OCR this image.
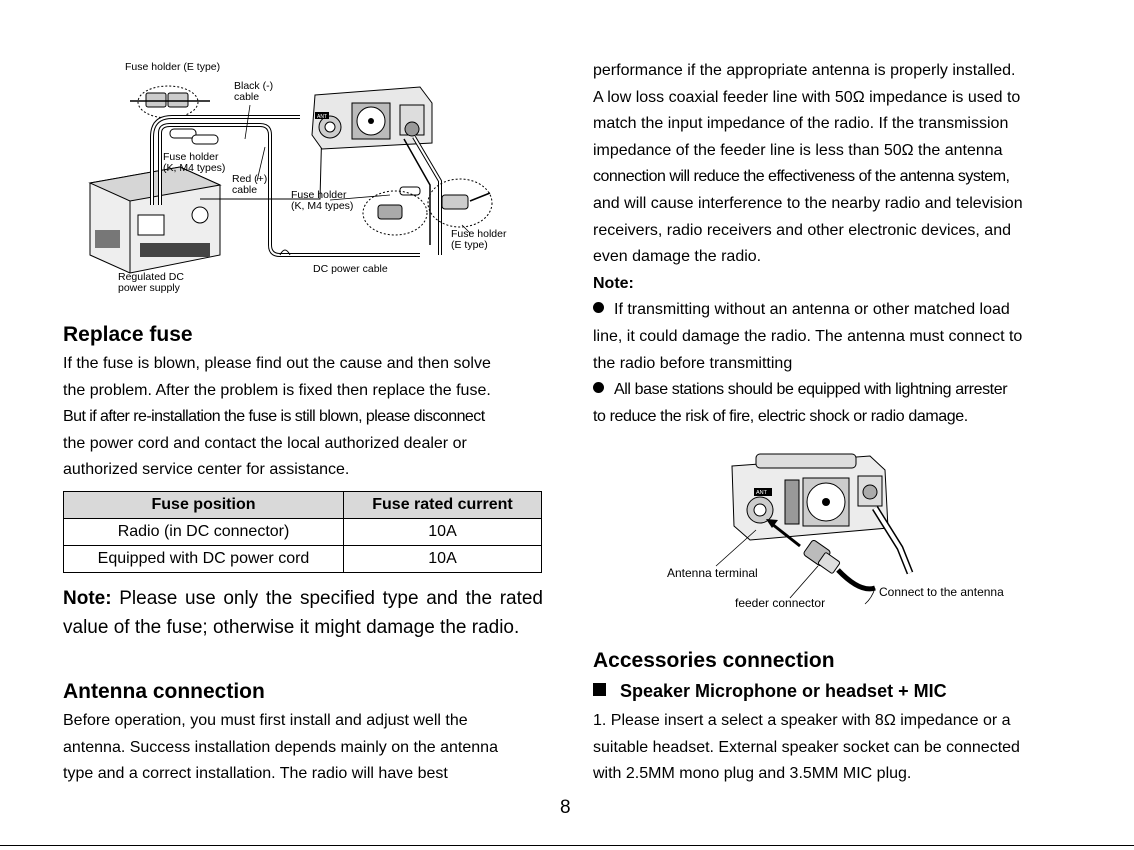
ANT
Fuse holder (E type)
Black (-)
cable
Fuse holder
(K, M4 types)
Red (+)
cable	Fuse holder
(K, M4 types)
Fuse holder
(E type)
Regulated DC
power supply
DC power cable
Replace fuse
If the fuse is blown, please find out the cause and then solve
the problem. After the problem is fixed then replace the fuse.
But if after re-installation the fuse is still blown, please disconnect
the power cord and contact the local authorized dealer or
authorized service center for assistance.
Fuse position	Fuse rated current
Radio (in DC connector)	10A
Equipped with DC power cord	10A
Note: Please use only the specified type and the rated value of the fuse; otherwise it might damage the radio.
Antenna connection
Before operation, you must first install and adjust well the
antenna. Success installation depends mainly on the antenna
type and a correct installation. The radio will have best
performance if the appropriate antenna is properly installed.
A low loss coaxial feeder line with 50Ω impedance is used to
match the input impedance of the radio. If the transmission
impedance of the feeder line is less than 50Ω the antenna
connection will reduce the effectiveness of the antenna system,
and will cause interference to the nearby radio and television
receivers, radio receivers and other electronic devices, and
even damage the radio.
Note:
If transmitting without an antenna or other matched load
line, it could damage the radio. The antenna must connect to
the radio before transmitting
All base stations should be equipped with lightning arrester
to reduce the risk of fire, electric shock or radio damage.
ANT
Antenna terminal
feeder connector
Connect to the antenna
Accessories connection
Speaker Microphone or headset + MIC
1. Please insert a select a speaker with 8Ω impedance or a
suitable headset. External speaker socket can be connected
with 2.5MM mono plug and 3.5MM MIC plug.
8
